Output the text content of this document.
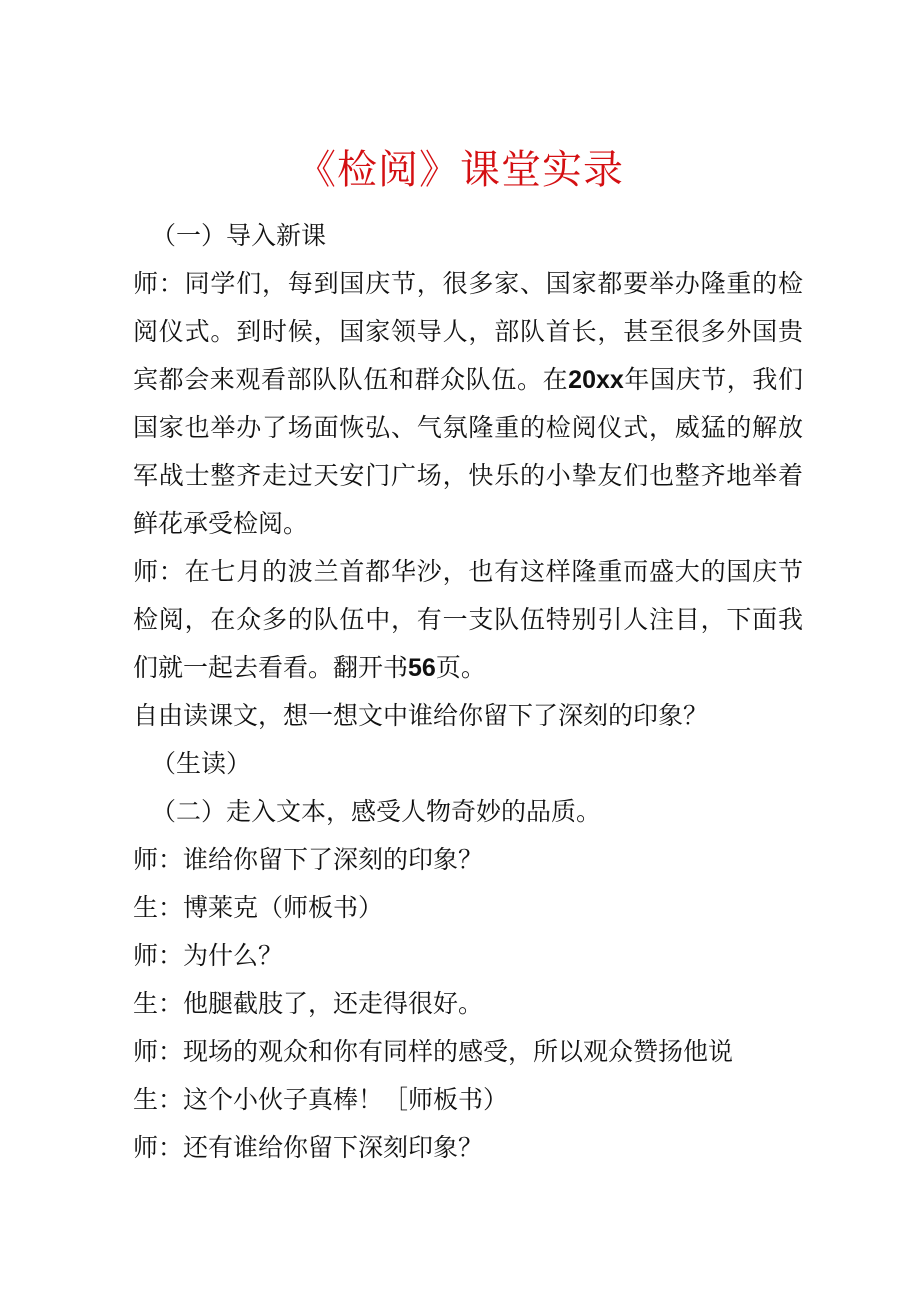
《检阅》课堂实录

（一）导入新课

师：同学们，每到国庆节，很多家、国家都要举办隆重的检阅仪式。到时候，国家领导人，部队首长，甚至很多外国贵宾都会来观看部队队伍和群众队伍。在20xx年国庆节，我们国家也举办了场面恢弘、气氛隆重的检阅仪式，威猛的解放军战士整齐走过天安门广场，快乐的小挚友们也整齐地举着鲜花承受检阅。

师：在七月的波兰首都华沙，也有这样隆重而盛大的国庆节检阅，在众多的队伍中，有一支队伍特别引人注目，下面我们就一起去看看。翻开书56页。

自由读课文，想一想文中谁给你留下了深刻的印象？

（生读）

（二）走入文本，感受人物奇妙的品质。

师：谁给你留下了深刻的印象？

生：博莱克（师板书）

师：为什么？

生：他腿截肢了，还走得很好。

师：现场的观众和你有同样的感受，所以观众赞扬他说

生：这个小伙子真棒！［师板书）

师：还有谁给你留下深刻印象？
